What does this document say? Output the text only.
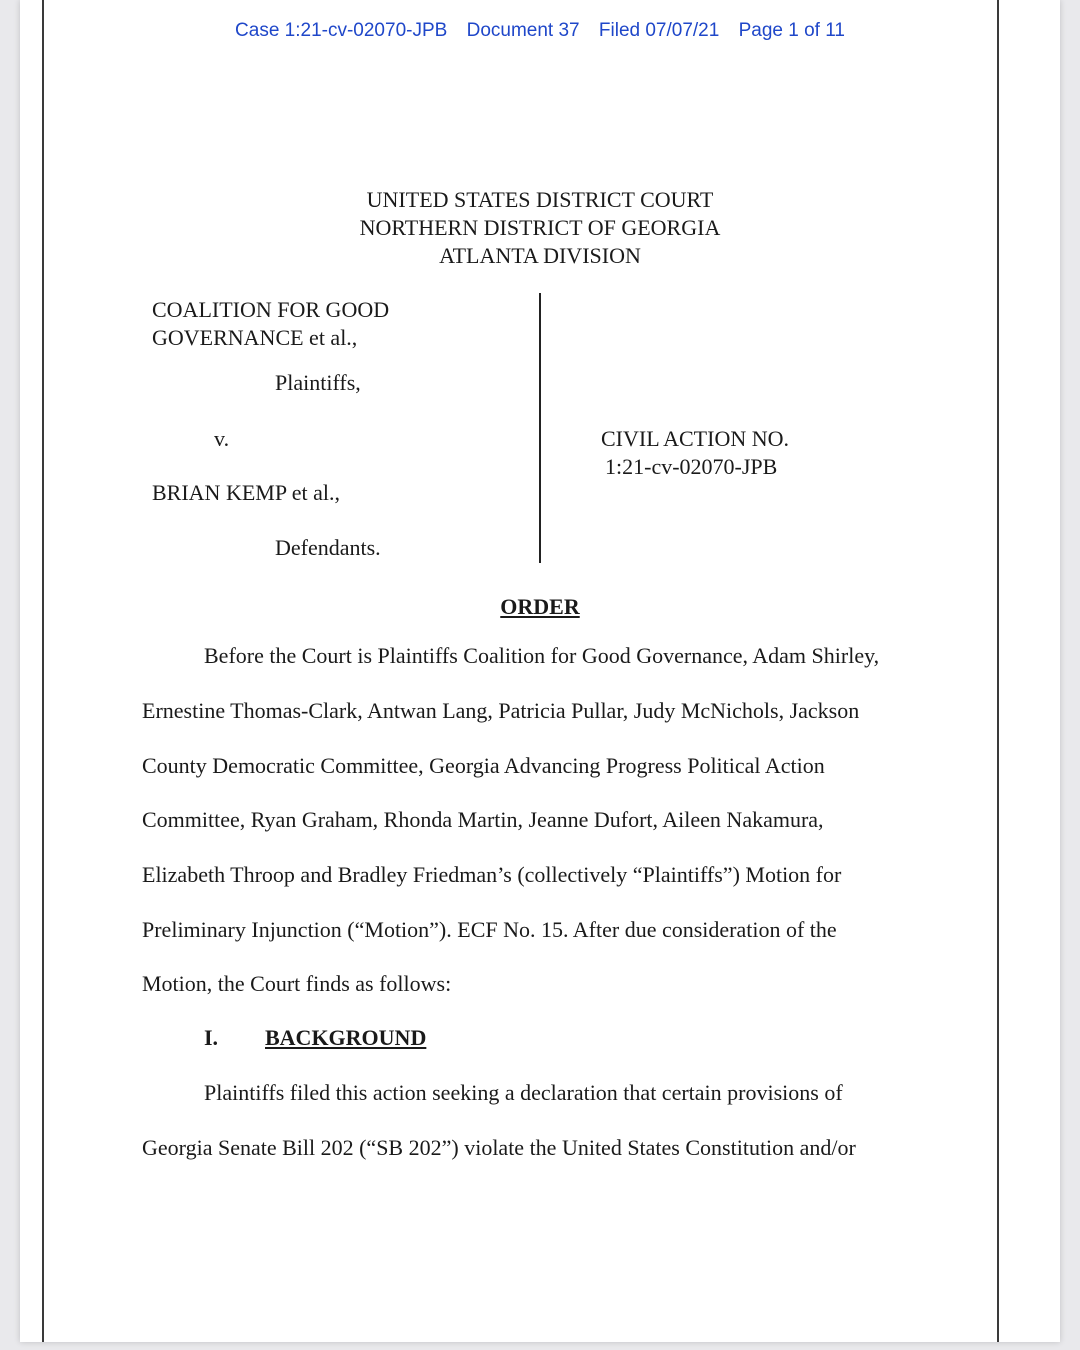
Case 1:21-cv-02070-JPB Document 37 Filed 07/07/21 Page 1 of 11
UNITED STATES DISTRICT COURT
NORTHERN DISTRICT OF GEORGIA
ATLANTA DIVISION
COALITION FOR GOOD
GOVERNANCE et al.,
Plaintiffs,
v.
BRIAN KEMP et al.,
Defendants.
CIVIL ACTION NO.
1:21-cv-02070-JPB
ORDER
Before the Court is Plaintiffs Coalition for Good Governance, Adam Shirley,
Ernestine Thomas-Clark, Antwan Lang, Patricia Pullar, Judy McNichols, Jackson
County Democratic Committee, Georgia Advancing Progress Political Action
Committee, Ryan Graham, Rhonda Martin, Jeanne Dufort, Aileen Nakamura,
Elizabeth Throop and Bradley Friedman’s (collectively “Plaintiffs”) Motion for
Preliminary Injunction (“Motion”). ECF No. 15. After due consideration of the
Motion, the Court finds as follows:
I. BACKGROUND
Plaintiffs filed this action seeking a declaration that certain provisions of
Georgia Senate Bill 202 (“SB 202”) violate the United States Constitution and/or
